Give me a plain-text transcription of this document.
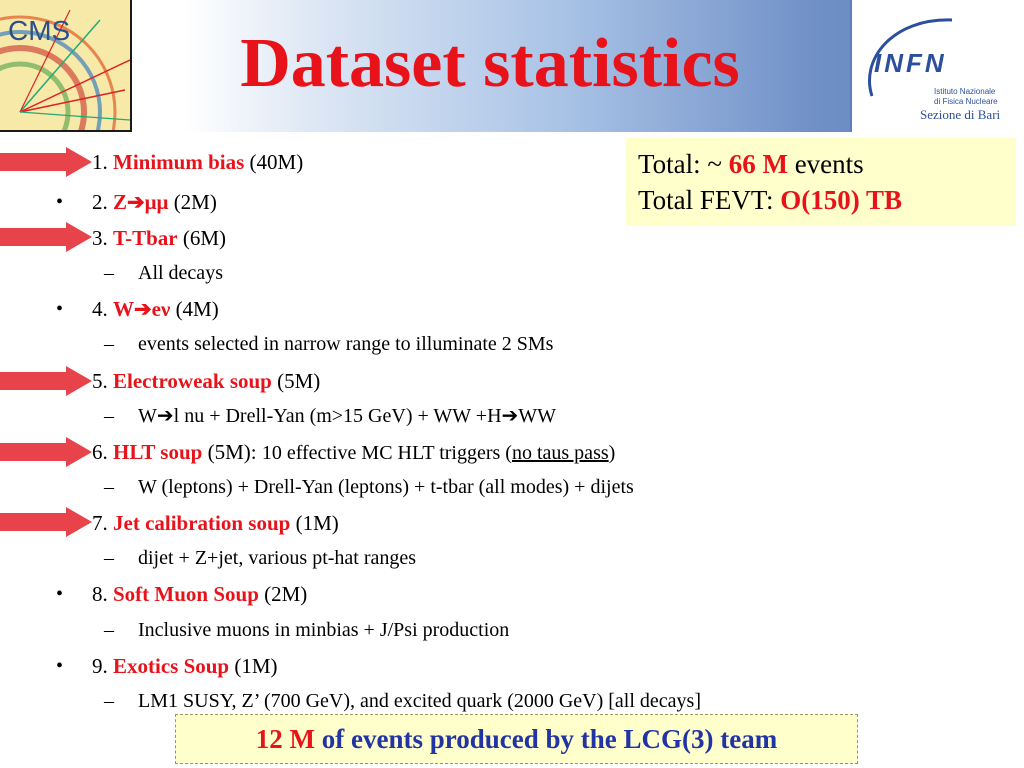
CMS	Dataset statistics	INFN
Istituto Nazionale
di Fisica Nucleare
Sezione di Bari
Total: ~ 66 M events
Total FEVT: O(150) TB
•
•
•
•
1. Minimum bias (40M)
2. Z➔μμ (2M)
3. T-Tbar (6M)
– All decays
4. W➔eν (4M)
– events selected in narrow range to illuminate 2 SMs
5. Electroweak soup (5M)
– W➔l nu + Drell-Yan (m>15 GeV) + WW +H➔WW
6. HLT soup (5M): 10 effective MC HLT triggers (no taus pass)
– W (leptons) + Drell-Yan (leptons) + t-tbar (all modes) + dijets
7. Jet calibration soup (1M)
– dijet + Z+jet, various pt-hat ranges
8. Soft Muon Soup (2M)
– Inclusive muons in minbias + J/Psi production
9. Exotics Soup (1M)
– LM1 SUSY, Z’ (700 GeV), and excited quark (2000 GeV) [all decays]
12 M of events produced by the LCG(3) team
